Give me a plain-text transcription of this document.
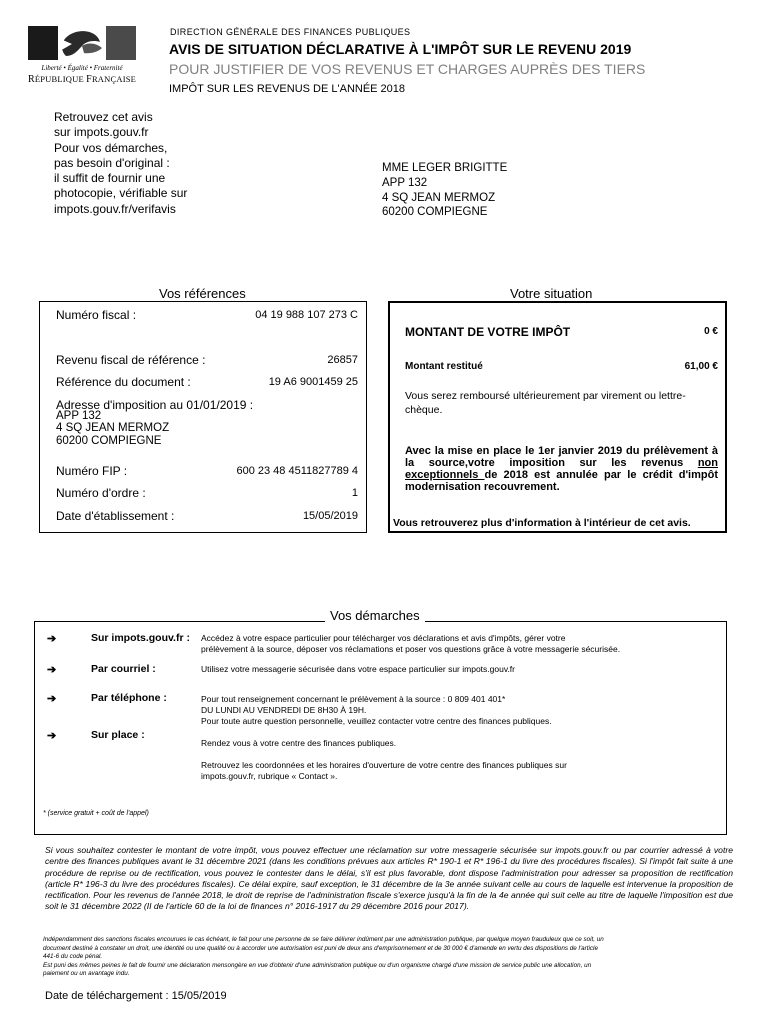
Liberté • Égalité • Fraternité
RÉPUBLIQUE FRANÇAISE
DIRECTION GÉNÉRALE DES FINANCES PUBLIQUES
AVIS DE SITUATION DÉCLARATIVE À L'IMPÔT SUR LE REVENU 2019
POUR JUSTIFIER DE VOS REVENUS ET CHARGES AUPRÈS DES TIERS
IMPÔT SUR LES REVENUS DE L'ANNÉE 2018
Retrouvez cet avis
sur impots.gouv.fr
Pour vos démarches,
pas besoin d'original :
il suffit de fournir une
photocopie, vérifiable sur
impots.gouv.fr/verifavis
MME LEGER BRIGITTE
APP 132
4 SQ JEAN MERMOZ
60200 COMPIEGNE
Numéro fiscal :	04 19 988 107 273 C
Revenu fiscal de référence :	26857
Référence du document :	19 A6 9001459 25
Adresse d'imposition au 01/01/2019 :
APP 132
4 SQ JEAN MERMOZ
60200 COMPIEGNE
Numéro FIP :	600 23 48 4511827789 4
Numéro d'ordre :	1
Date d'établissement :	15/05/2019
Vos références
MONTANT DE VOTRE IMPÔT	0 €
Montant restitué	61,00 €
Vous serez remboursé ultérieurement par virement ou lettre-chèque.
Avec la mise en place le 1er janvier 2019 du prélèvement à la source,votre imposition sur les revenus non exceptionnels de 2018 est annulée par le crédit d'impôt modernisation recouvrement.
Vous retrouverez plus d'information à l'intérieur de cet avis.
Votre situation
➔	Sur impots.gouv.fr : Accédez à votre espace particulier pour télécharger vos déclarations et avis d'impôts, gérer votre
prélèvement à la source, déposer vos réclamations et poser vos questions grâce à votre messagerie sécurisée.
➔	Par courriel :	Utilisez votre messagerie sécurisée dans votre espace particulier sur impots.gouv.fr
➔	Par téléphone :	Pour tout renseignement concernant le prélèvement à la source : 0 809 401 401*
DU LUNDI AU VENDREDI DE 8H30 À 19H.
Pour toute autre question personnelle, veuillez contacter votre centre des finances publiques.
➔	Sur place :
Rendez vous à votre centre des finances publiques.

Retrouvez les coordonnées et les horaires d'ouverture de votre centre des finances publiques sur
impots.gouv.fr, rubrique « Contact ».
* (service gratuit + coût de l'appel)
Vos démarches
Si vous souhaitez contester le montant de votre impôt, vous pouvez effectuer une réclamation sur votre messagerie sécurisée sur impots.gouv.fr ou par courrier adressé à votre centre des finances publiques avant le 31 décembre 2021 (dans les conditions prévues aux articles R* 190-1 et R* 196-1 du livre des procédures fiscales). Si l'impôt fait suite à une procédure de reprise ou de rectification, vous pouvez le contester dans le délai, s'il est plus favorable, dont dispose l'administration pour adresser sa proposition de rectification (article R* 196-3 du livre des procédures fiscales). Ce délai expire, sauf exception, le 31 décembre de la 3e année suivant celle au cours de laquelle est intervenue la proposition de rectification. Pour les revenus de l'année 2018, le droit de reprise de l'administration fiscale s'exerce jusqu'à la fin de la 4e année qui suit celle au titre de laquelle l'imposition est due soit le 31 décembre 2022 (II de l'article 60 de la loi de finances n° 2016-1917 du 29 décembre 2016 pour 2017).
Indépendamment des sanctions fiscales encourues le cas échéant, le fait pour une personne de se faire délivrer indûment par une administration publique, par quelque moyen frauduleux que ce soit, un
document destiné à constater un droit, une identité ou une qualité ou à accorder une autorisation est puni de deux ans d'emprisonnement et de 30 000 € d'amende en vertu des dispositions de l'article
441-6 du code pénal.
Est puni des mêmes peines le fait de fournir une déclaration mensongère en vue d'obtenir d'une administration publique ou d'un organisme chargé d'une mission de service public une allocation, un
paiement ou un avantage indu.
Date de téléchargement : 15/05/2019
